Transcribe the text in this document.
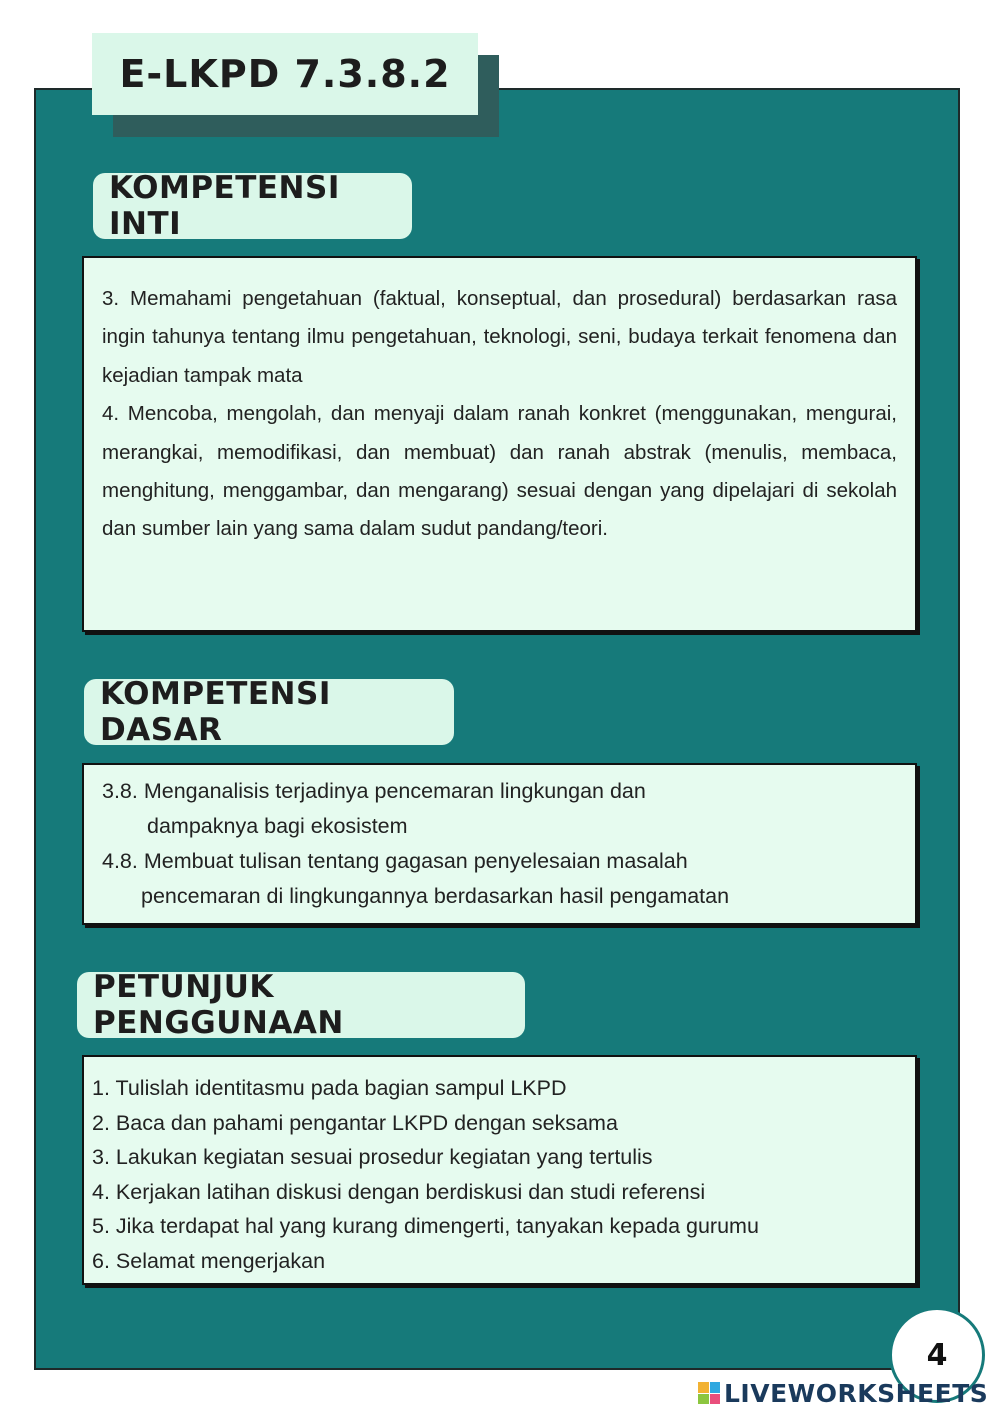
E-LKPD 7.3.8.2
KOMPETENSI INTI

3. Memahami pengetahuan (faktual, konseptual, dan prosedural) berdasarkan rasa ingin tahunya tentang ilmu pengetahuan, teknologi, seni, budaya terkait fenomena dan kejadian tampak mata

4. Mencoba, mengolah, dan menyaji dalam ranah konkret (menggunakan, mengurai, merangkai, memodifikasi, dan membuat) dan ranah abstrak (menulis, membaca, menghitung, menggambar, dan mengarang) sesuai dengan yang dipelajari di sekolah dan sumber lain yang sama dalam sudut pandang/teori.

KOMPETENSI DASAR

3.8. Menganalisis terjadinya pencemaran lingkungan dan

dampaknya bagi ekosistem

4.8. Membuat tulisan tentang gagasan penyelesaian masalah

pencemaran di lingkungannya berdasarkan hasil pengamatan

PETUNJUK PENGGUNAAN

1. Tulislah identitasmu pada bagian sampul LKPD

2. Baca dan pahami pengantar LKPD dengan seksama

3. Lakukan kegiatan sesuai prosedur kegiatan yang tertulis

4. Kerjakan latihan diskusi dengan berdiskusi dan studi referensi

5. Jika terdapat hal yang kurang dimengerti, tanyakan kepada gurumu

6. Selamat mengerjakan

4
LIVEWORKSHEETS
